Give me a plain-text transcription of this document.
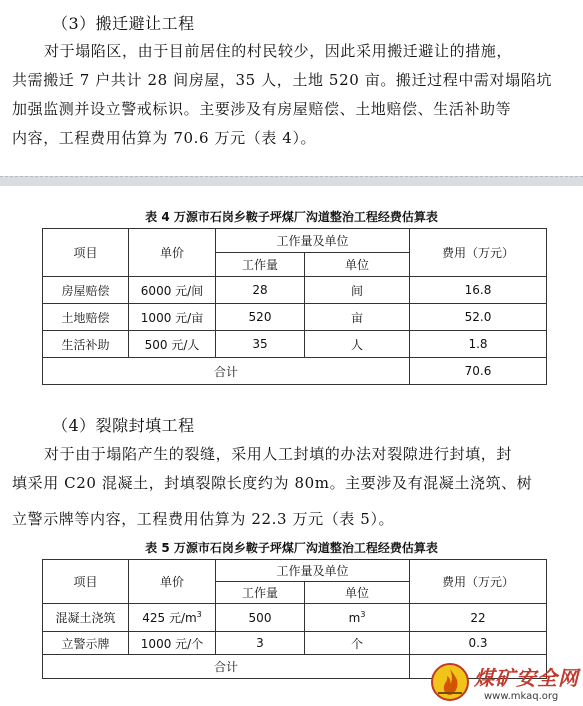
（3）搬迁避让工程
对于塌陷区，由于目前居住的村民较少，因此采用搬迁避让的措施，
共需搬迁 7 户共计 28 间房屋，35 人，土地 520 亩。搬迁过程中需对塌陷坑
加强监测并设立警戒标识。主要涉及有房屋赔偿、土地赔偿、生活补助等
内容，工程费用估算为 70.6 万元（表 4）。
表 4 万源市石岗乡鞍子坪煤厂沟道整治工程经费估算表
项目	单价	工作量及单位		费用（万元）
		工作量	单位	
房屋赔偿	6000 元/间	28	间	16.8
土地赔偿	1000 元/亩	520	亩	52.0
生活补助	500 元/人	35	人	1.8
合计				70.6
（4）裂隙封填工程
对于由于塌陷产生的裂缝，采用人工封填的办法对裂隙进行封填，封
填采用 C20 混凝土，封填裂隙长度约为 80m。主要涉及有混凝土浇筑、树
立警示牌等内容，工程费用估算为 22.3 万元（表 5）。
表 5 万源市石岗乡鞍子坪煤厂沟道整治工程经费估算表
项目	单价	工作量及单位		费用（万元）
		工作量	单位	
混凝土浇筑	425 元$/m^3$	500	$m^3$	22
立警示牌	1000 元/个	3	个	0.3
合计					煤矿安全网
www.mkaq.org
